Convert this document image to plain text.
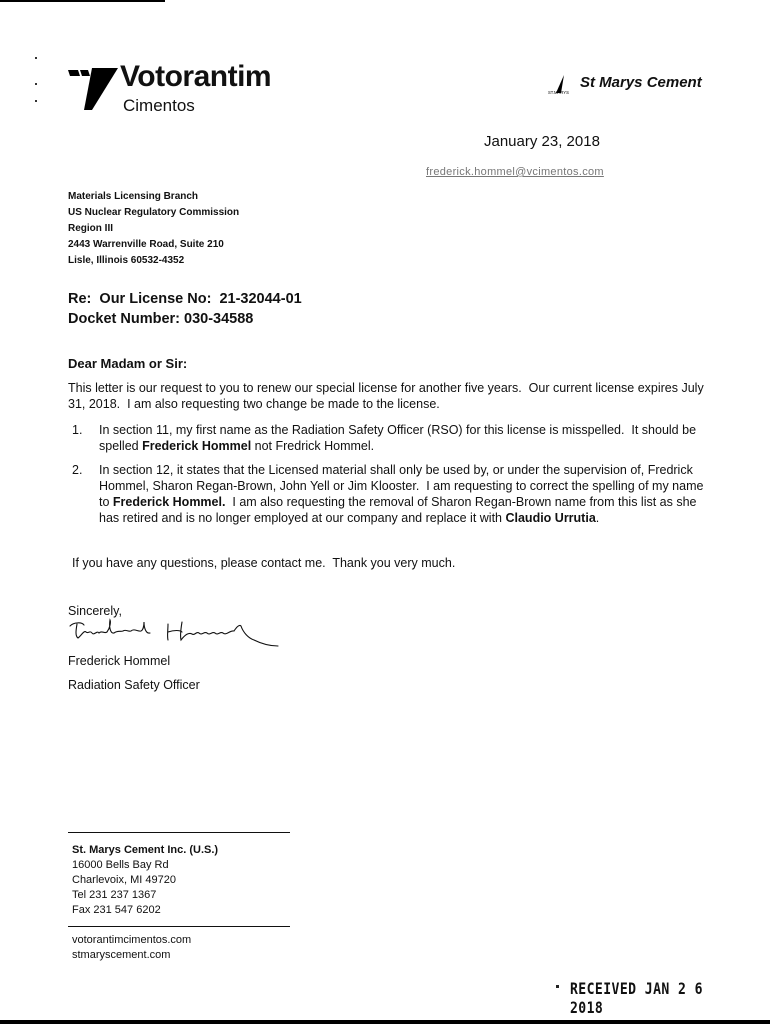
Votorantim
Cimentos
ST.MARYS
St Marys Cement
January 23, 2018
frederick.hommel@vcimentos.com
Materials Licensing Branch
US Nuclear Regulatory Commission
Region III
2443 Warrenville Road, Suite 210
Lisle, Illinois 60532-4352
Re:  Our License No:  21-32044-01
Docket Number: 030-34588
Dear Madam or Sir:
This letter is our request to you to renew our special license for another five years.  Our current license expires July 31, 2018.  I am also requesting two change be made to the license.
1. In section 11, my first name as the Radiation Safety Officer (RSO) for this license is misspelled.  It should be spelled Frederick Hommel not Fredrick Hommel.
2. In section 12, it states that the Licensed material shall only be used by, or under the supervision of, Fredrick Hommel, Sharon Regan-Brown, John Yell or Jim Klooster.  I am requesting to correct the spelling of my name to Frederick Hommel.  I am also requesting the removal of Sharon Regan-Brown name from this list as she has retired and is no longer employed at our company and replace it with Claudio Urrutia.
If you have any questions, please contact me.  Thank you very much.
Sincerely,
Frederick Hommel
Radiation Safety Officer
St. Marys Cement Inc. (U.S.)
16000 Bells Bay Rd
Charlevoix, MI 49720
Tel 231 237 1367
Fax 231 547 6202
votorantimcimentos.com
stmaryscement.com
RECEIVED JAN 2 6 2018
